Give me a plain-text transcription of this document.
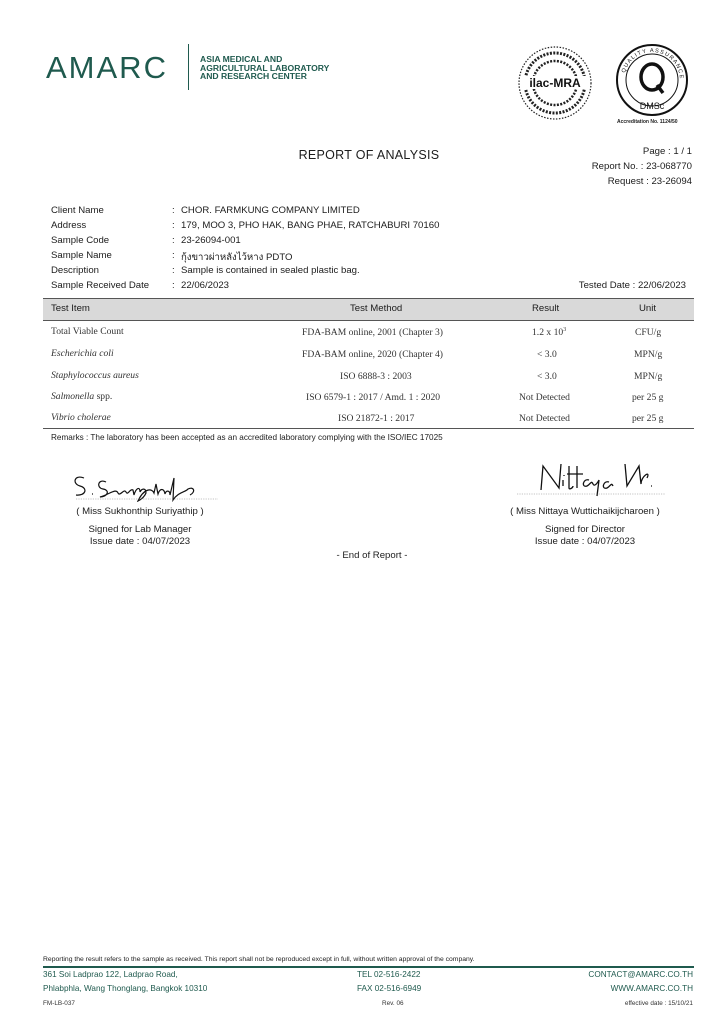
AMARC	ASIA MEDICAL AND
AGRICULTURAL LABORATORY
AND RESEARCH CENTER	ilac-MRA
QUALITY ASSURANCE
DMSc
Accreditation No. 1124/50
REPORT OF ANALYSIS	Page : 1 / 1
Report No. : 23-068770
Request : 23-26094
Client Name	: CHOR. FARMKUNG COMPANY LIMITED
Address	: 179, MOO 3, PHO HAK, BANG PHAE, RATCHABURI 70160
Sample Code	: 23-26094-001
Sample Name	: กุ้งขาวผ่าหลังไว้หาง PDTO
Description	: Sample is contained in sealed plastic bag.
Sample Received Date : 22/06/2023	Tested Date : 22/06/2023
Test Item	Test Method	Result	Unit
Total Viable Count	FDA-BAM online, 2001 (Chapter 3)	1.2 x $10^3$	CFU/g
Escherichia coli	FDA-BAM online, 2020 (Chapter 4)	< 3.0	MPN/g
Staphylococcus aureus	ISO 6888-3 : 2003	< 3.0	MPN/g
Salmonella spp.	ISO 6579-1 : 2017 / Amd. 1 : 2020	Not Detected	per 25 g
Vibrio cholerae	ISO 21872-1 : 2017	Not Detected	per 25 g
Remarks : The laboratory has been accepted as an accredited laboratory complying with the ISO/IEC 17025
( Miss Sukhonthip Suriyathip )
Signed for Lab Manager
Issue date : 04/07/2023
( Miss Nittaya Wuttichaikijcharoen )
Signed for Director
Issue date : 04/07/2023
- End of Report -
Reporting the result refers to the sample as received. This report shall not be reproduced except in full, without written approval of the company.
361 Soi Ladprao 122, Ladprao Road,
Phlabphla, Wang Thonglang, Bangkok 10310
TEL 02-516-2422
FAX 02-516-6949
CONTACT@AMARC.CO.TH
WWW.AMARC.CO.TH
FM-LB-037	Rev. 06	effective date : 15/10/21
